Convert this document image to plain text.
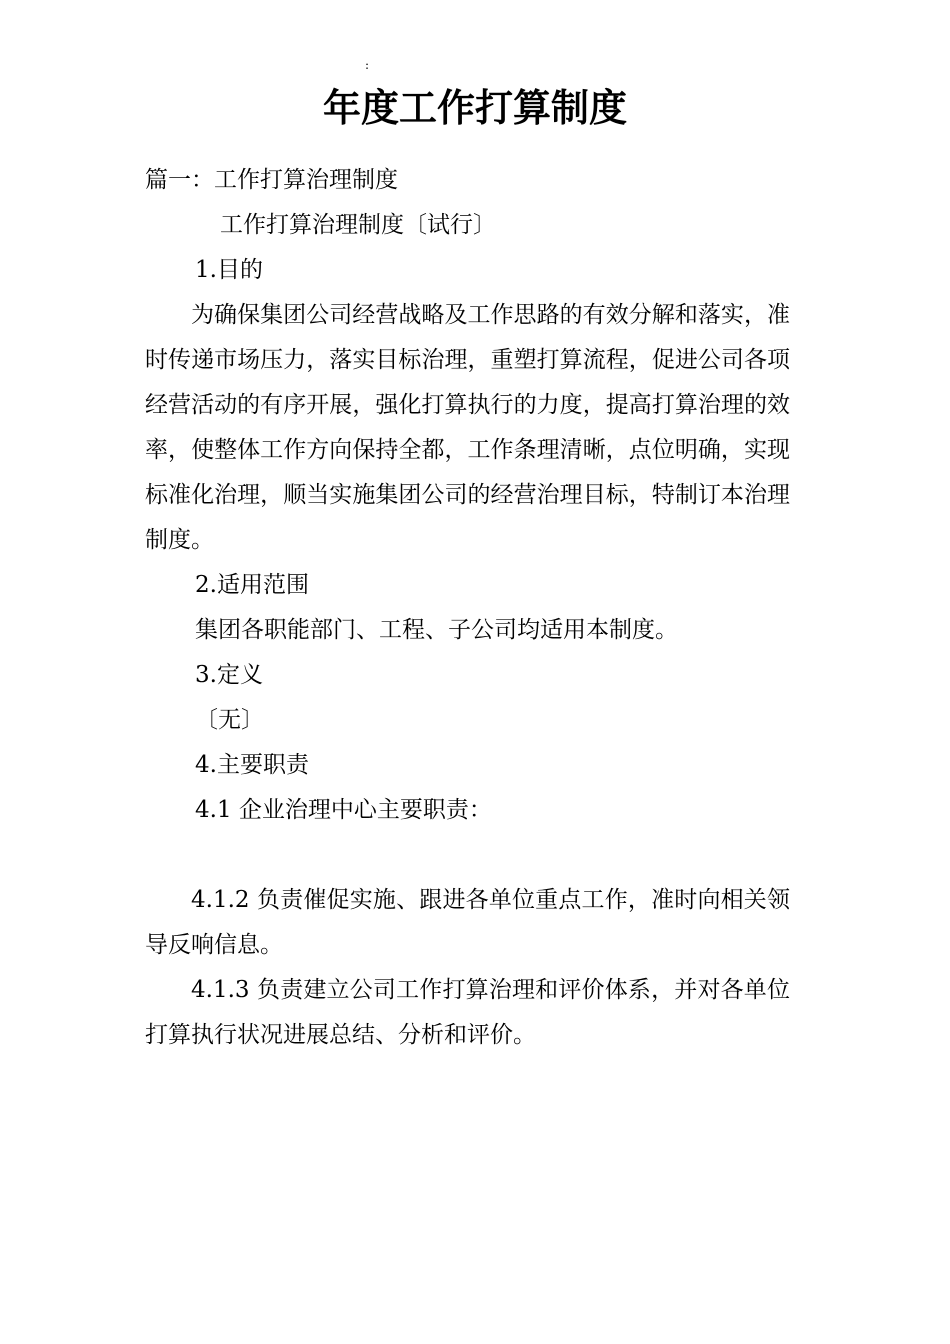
:
年度工作打算制度

篇一：工作打算治理制度

工作打算治理制度〔试行〕

1.目的

为确保集团公司经营战略及工作思路的有效分解和落实，准时传递市场压力，落实目标治理，重塑打算流程，促进公司各项经营活动的有序开展，强化打算执行的力度，提高打算治理的效率，使整体工作方向保持全都，工作条理清晰，点位明确，实现标准化治理，顺当实施集团公司的经营治理目标，特制订本治理制度。

2.适用范围

集团各职能部门、工程、子公司均适用本制度。

3.定义

〔无〕

4.主要职责

4.1 企业治理中心主要职责：

4.1.2 负责催促实施、跟进各单位重点工作，准时向相关领导反响信息。

4.1.3 负责建立公司工作打算治理和评价体系，并对各单位打算执行状况进展总结、分析和评价。
